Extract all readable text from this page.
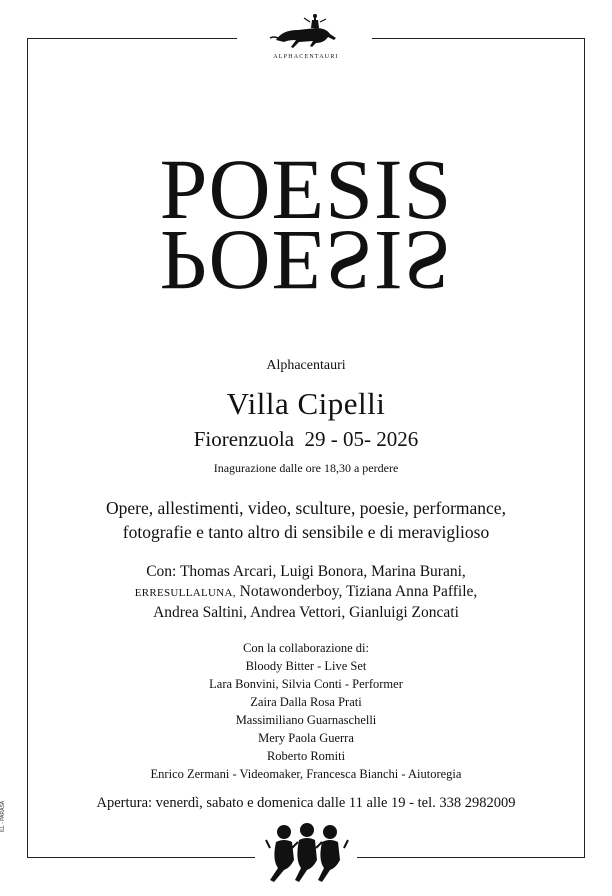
ALPHACENTAURI
POESIS
POESIS
Alphacentauri
Villa Cipelli
Fiorenzuola 29 - 05- 2026
Inagurazione dalle ore 18,30 a perdere
Opere, allestimenti, video, sculture, poesie, performance,
fotografie e tanto altro di sensibile e di meraviglioso
Con: Thomas Arcari, Luigi Bonora, Marina Burani,
ERRESULLALUNA, Notawonderboy, Tiziana Anna Paffile,
Andrea Saltini, Andrea Vettori, Gianluigi Zoncati
Con la collaborazione di:
Bloody Bitter - Live Set
Lara Bonvini, Silvia Conti - Performer
Zaira Dalla Rosa Prati
Massimiliano Guarnaschelli
Mery Paola Guerra
Roberto Romiti
Enrico Zermani - Videomaker, Francesca Bianchi - Aiutoregia
Apertura: venerdì, sabato e domenica dalle 11 alle 19 - tel. 338 2982009
ILL - PARASA
